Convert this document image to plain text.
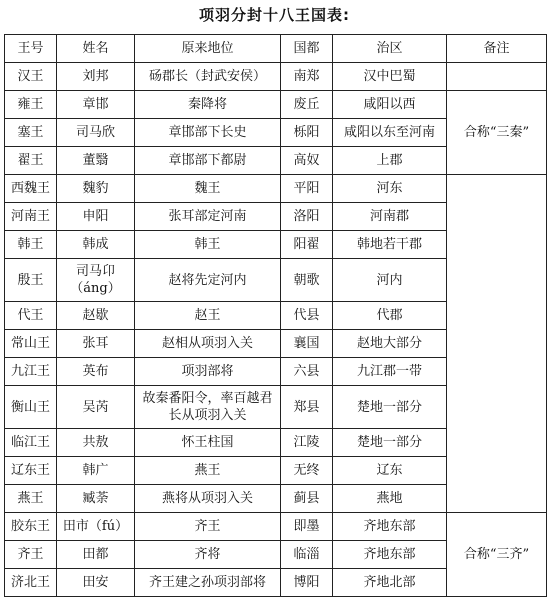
项羽分封十八王国表:
王号	姓名	原来地位	国都	治区	备注
汉王	刘邦	砀郡长（封武安侯）	南郑	汉中巴蜀	
雍王	章邯	秦降将	废丘	咸阳以西	合称“三秦”
塞王	司马欣	章邯部下长史	栎阳	咸阳以东至河南	
翟王	董翳	章邯部下都尉	高奴	上郡	
西魏王	魏豹	魏王	平阳	河东	
河南王	申阳	张耳部定河南	洛阳	河南郡	
韩王	韩成	韩王	阳翟	韩地若干郡	
殷王	司马卬（áng）	赵将先定河内	朝歌	河内	
代王	赵歇	赵王	代县	代郡	
常山王	张耳	赵相从项羽入关	襄国	赵地大部分	
九江王	英布	项羽部将	六县	九江郡一带	
衡山王	吴芮	故秦番阳令，率百越君长从项羽入关	郑县	楚地一部分	
临江王	共敖	怀王柱国	江陵	楚地一部分	
辽东王	韩广	燕王	无终	辽东	
燕王	臧荼	燕将从项羽入关	蓟县	燕地	
胶东王	田市（fú）	齐王	即墨	齐地东部	合称“三齐”
齐王	田都	齐将	临淄	齐地东部	
济北王	田安	齐王建之孙项羽部将	博阳	齐地北部	
